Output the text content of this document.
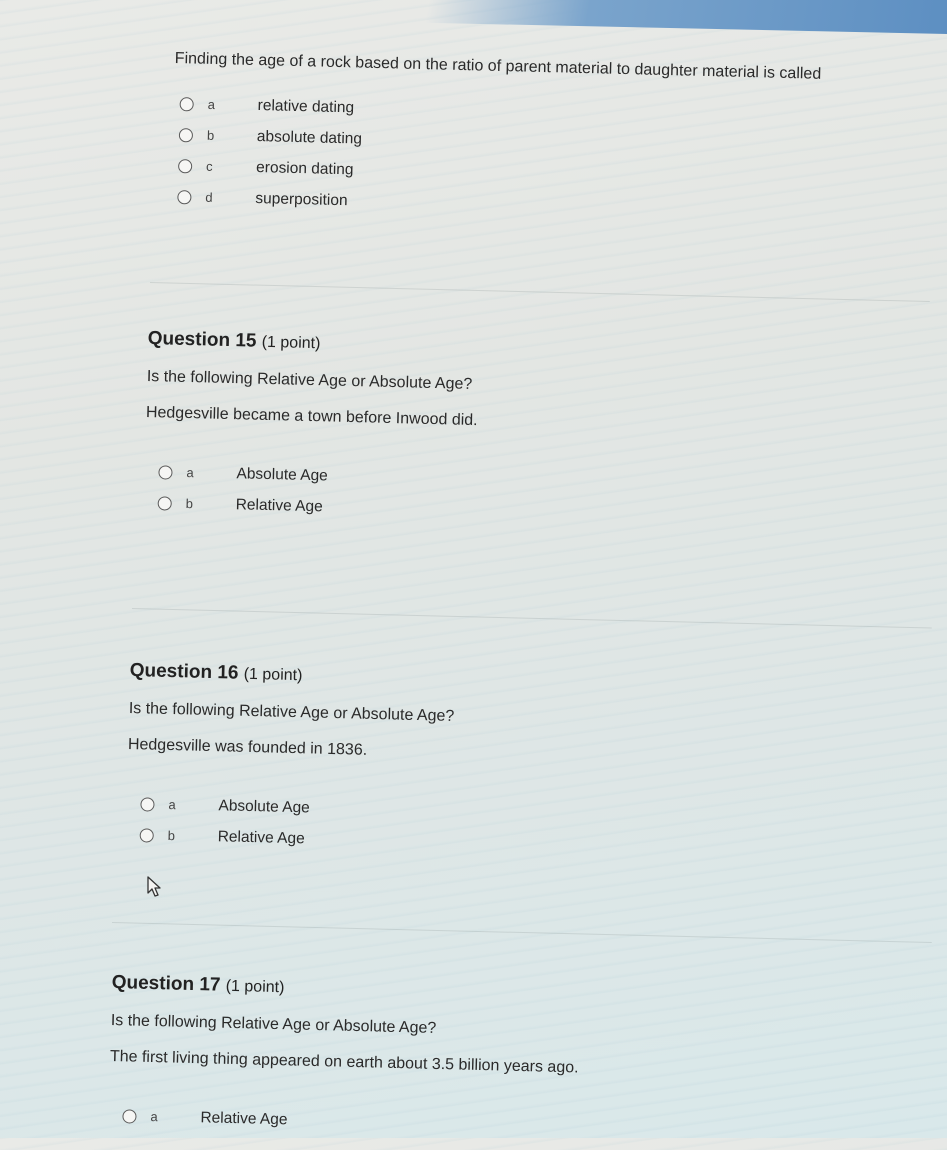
Finding the age of a rock based on the ratio of parent material to daughter material is called
a	relative dating
b	absolute dating
c	erosion dating
d	superposition
Question 15 (1 point)
Is the following Relative Age or Absolute Age?
Hedgesville became a town before Inwood did.
a	Absolute Age
b	Relative Age
Question 16 (1 point)
Is the following Relative Age or Absolute Age?
Hedgesville was founded in 1836.
a	Absolute Age
b	Relative Age
Question 17 (1 point)
Is the following Relative Age or Absolute Age?
The first living thing appeared on earth about 3.5 billion years ago.
a	Relative Age
